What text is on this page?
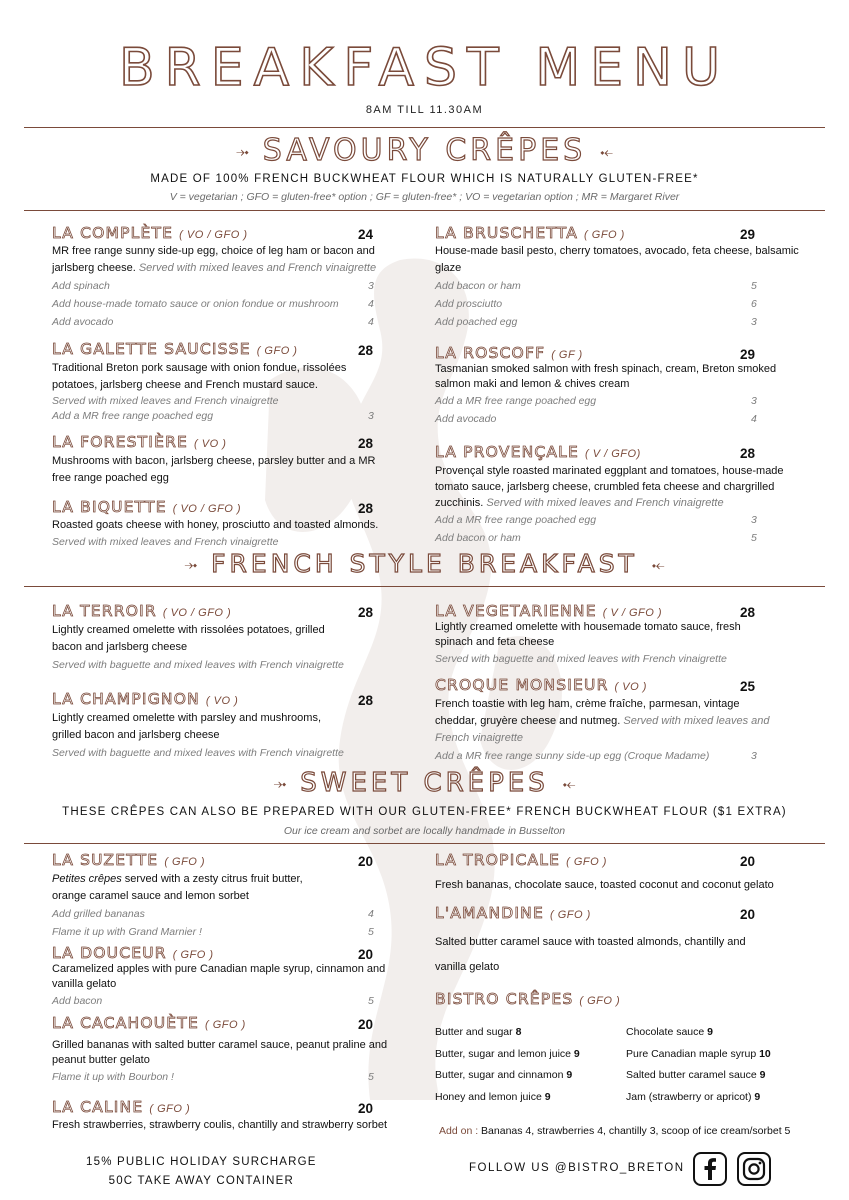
BREAKFAST MENU
8AM TILL 11.30AM
⤞ SAVOURY CRÊPES ⤝
MADE OF 100% FRENCH BUCKWHEAT FLOUR WHICH IS NATURALLY GLUTEN-FREE*
V = vegetarian ; GFO = gluten-free* option ; GF = gluten-free* ; VO = vegetarian option ; MR = Margaret River
LA COMPLÈTE ( VO / GFO )	24
MR free range sunny side-up egg, choice of leg ham or bacon and jarlsberg cheese. Served with mixed leaves and French vinaigrette
Add spinach	3
Add house-made tomato sauce or onion fondue or mushroom	4
Add avocado	4
LA GALETTE SAUCISSE ( GFO )	28
Traditional Breton pork sausage with onion fondue, rissolées potatoes, jarlsberg cheese and French mustard sauce.
Served with mixed leaves and French vinaigrette
Add a MR free range poached egg	3
LA FORESTIÈRE ( VO )	28
Mushrooms with bacon, jarlsberg cheese, parsley butter and a MR free range poached egg
LA BIQUETTE ( VO / GFO )	28
Roasted goats cheese with honey, prosciutto and toasted almonds.
Served with mixed leaves and French vinaigrette
LA BRUSCHETTA ( GFO )	29
House-made basil pesto, cherry tomatoes, avocado, feta cheese, balsamic glaze
Add bacon or ham	5
Add prosciutto	6
Add poached egg	3
LA ROSCOFF ( GF )	29
Tasmanian smoked salmon with fresh spinach, cream, Breton smoked salmon maki and lemon & chives cream
Add a MR free range poached egg	3
Add avocado	4
LA PROVENÇALE ( V / GFO)	28
Provençal style roasted marinated eggplant and tomatoes, house-made tomato sauce, jarlsberg cheese, crumbled feta cheese and chargrilled zucchinis. Served with mixed leaves and French vinaigrette
Add a MR free range poached egg	3
Add bacon or ham	5
⤞ FRENCH STYLE BREAKFAST ⤝
LA TERROIR ( VO / GFO )	28
Lightly creamed omelette with rissolées potatoes, grilled bacon and jarlsberg cheese
Served with baguette and mixed leaves with French vinaigrette
LA CHAMPIGNON ( VO )	28
Lightly creamed omelette with parsley and mushrooms, grilled bacon and jarlsberg cheese
Served with baguette and mixed leaves with French vinaigrette
LA VEGETARIENNE ( V / GFO )	28
Lightly creamed omelette with housemade tomato sauce, fresh spinach and feta cheese
Served with baguette and mixed leaves with French vinaigrette
CROQUE MONSIEUR ( VO )	25
French toastie with leg ham, crème fraîche, parmesan, vintage cheddar, gruyère cheese and nutmeg. Served with mixed leaves and French vinaigrette
Add a MR free range sunny side-up egg (Croque Madame)	3
⤞ SWEET CRÊPES ⤝
THESE CRÊPES CAN ALSO BE PREPARED WITH OUR GLUTEN-FREE* FRENCH BUCKWHEAT FLOUR ($1 EXTRA)
Our ice cream and sorbet are locally handmade in Busselton
LA SUZETTE ( GFO )	20
Petites crêpes served with a zesty citrus fruit butter, orange caramel sauce and lemon sorbet
Add grilled bananas	4
Flame it up with Grand Marnier !	5
LA DOUCEUR ( GFO )	20
Caramelized apples with pure Canadian maple syrup, cinnamon and vanilla gelato
Add bacon	5
LA CACAHOUÈTE ( GFO )	20
Grilled bananas with salted butter caramel sauce, peanut praline and peanut butter gelato
Flame it up with Bourbon !	5
LA CALINE ( GFO )	20
Fresh strawberries, strawberry coulis, chantilly and strawberry sorbet
LA TROPICALE ( GFO )	20
Fresh bananas, chocolate sauce, toasted coconut and coconut gelato
L'AMANDINE ( GFO )	20
Salted butter caramel sauce with toasted almonds, chantilly and vanilla gelato
BISTRO CRÊPES ( GFO )
Butter and sugar 8
Butter, sugar and lemon juice 9
Butter, sugar and cinnamon 9
Honey and lemon juice 9
Chocolate sauce 9
Pure Canadian maple syrup 10
Salted butter caramel sauce 9
Jam (strawberry or apricot) 9
Add on : Bananas 4, strawberries 4, chantilly 3, scoop of ice cream/sorbet 5
15% PUBLIC HOLIDAY SURCHARGE
50C TAKE AWAY CONTAINER
FOLLOW US @BISTRO_BRETON
